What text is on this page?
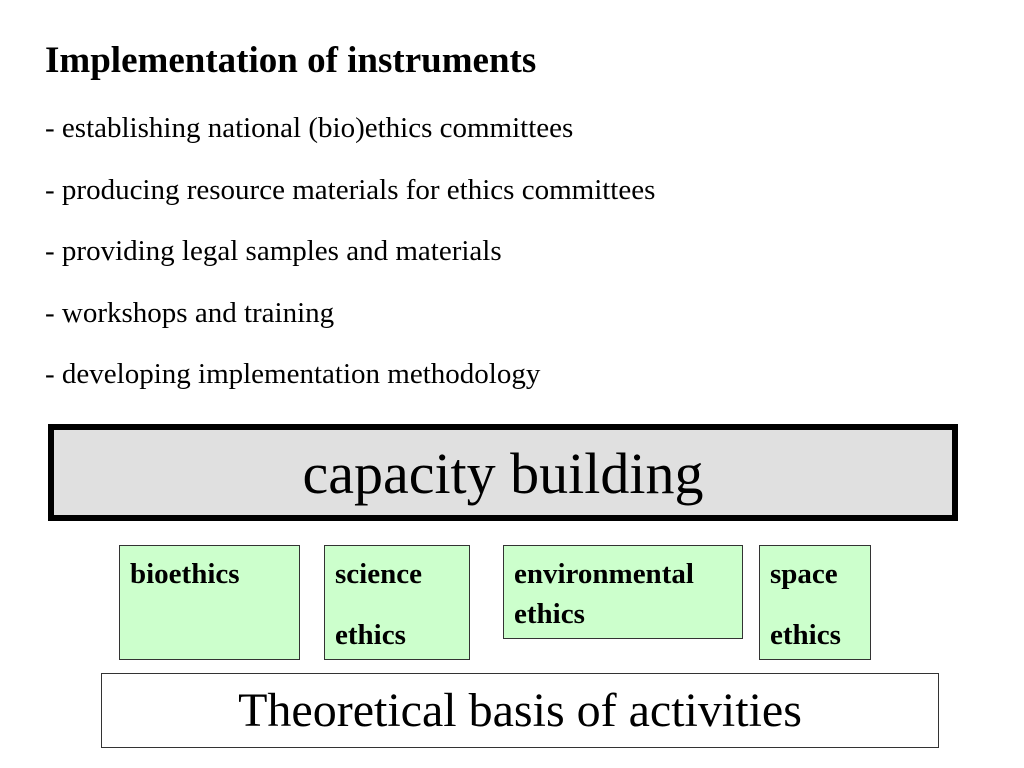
Implementation of instruments
- establishing national (bio)ethics committees
- producing resource materials for ethics committees
- providing legal samples and materials
- workshops and training
- developing implementation methodology
capacity building
bioethics	science
ethics
environmental
ethics
space
ethics
Theoretical basis of activities
